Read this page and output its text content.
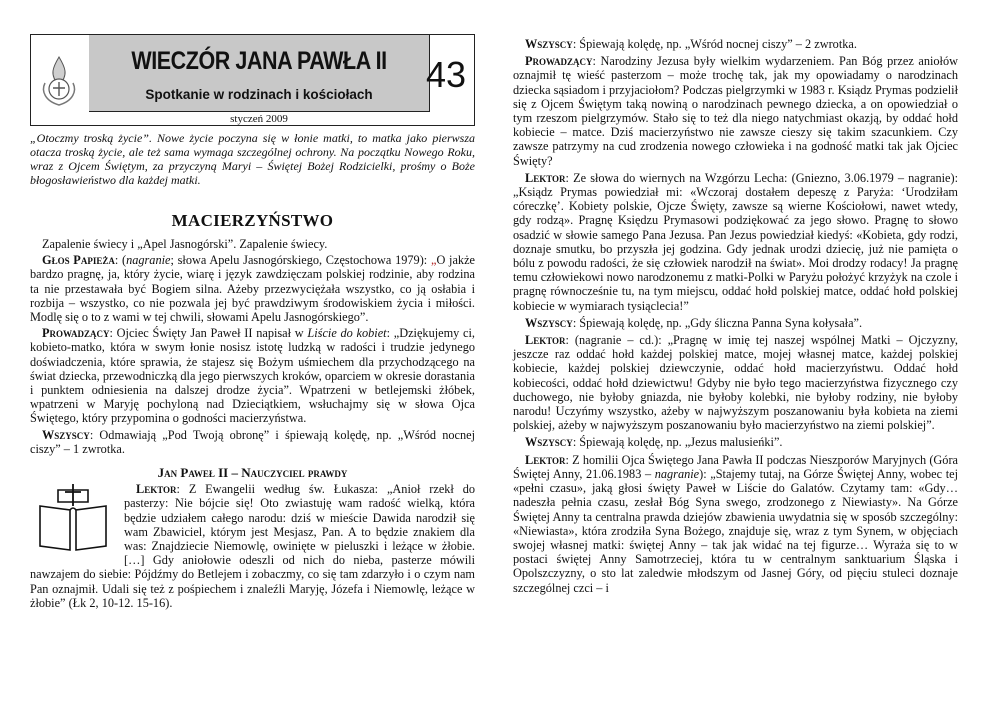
WIECZÓR JANA PAWŁA II
Spotkanie w rodzinach i kościołach	43
styczeń 2009

„Otoczmy troską życie”. Nowe życie poczyna się w łonie matki, to matka jako pierwsza otacza troską życie, ale też sama wymaga szczególnej ochrony. Na początku Nowego Roku, wraz z Ojcem Świętym, za przyczyną Maryi – Świętej Bożej Rodzicielki, prośmy o Boże błogosławieństwo dla każdej matki.

MACIERZYŃSTWO

Zapalenie świecy i „Apel Jasnogórski”. Zapalenie świecy.

Głos Papieża: (nagranie; słowa Apelu Jasnogórskiego, Częstochowa 1979): „O jakże bardzo pragnę, ja, który życie, wiarę i język zawdzięczam polskiej rodzinie, aby rodzina ta nie przestawała być Bogiem silna. Ażeby przezwyciężała wszystko, co ją osłabia i rozbija – wszystko, co nie pozwala jej być prawdziwym środowiskiem życia i miłości. Modlę się o to z wami w tej chwili, słowami Apelu Jasnogórskiego”.

Prowadzący: Ojciec Święty Jan Paweł II napisał w Liście do kobiet: „Dziękujemy ci, kobieto-matko, która w swym łonie nosisz istotę ludzką w radości i trudzie jedynego doświadczenia, które sprawia, że stajesz się Bożym uśmiechem dla przychodzącego na świat dziecka, przewodniczką dla jego pierwszych kroków, oparciem w okresie dorastania i punktem odniesienia na dalszej drodze życia”. Wpatrzeni w betlejemski żłóbek, wpatrzeni w Maryję pochyloną nad Dzieciątkiem, wsłuchajmy się w słowa Ojca Świętego, który przypomina o godności macierzyństwa.

Wszyscy: Odmawiają „Pod Twoją obronę” i śpiewają kolędę, np. „Wśród nocnej ciszy” – 1 zwrotka.

Jan Paweł II – Nauczyciel prawdy

Lektor: Z Ewangelii według św. Łukasza: „Anioł rzekł do pasterzy: Nie bójcie się! Oto zwiastuję wam radość wielką, która będzie udziałem całego narodu: dziś w mieście Dawida narodził się wam Zbawiciel, którym jest Mesjasz, Pan. A to będzie znakiem dla was: Znajdziecie Niemowlę, owinięte w pieluszki i leżące w żłobie. […] Gdy aniołowie odeszli od nich do nieba, pasterze mówili nawzajem do siebie: Pójdźmy do Betlejem i zobaczmy, co się tam zdarzyło i o czym nam Pan oznajmił. Udali się też z pośpiechem i znaleźli Maryję, Józefa i Niemowlę, leżące w żłobie” (Łk 2, 10-12. 15-16).

Wszyscy: Śpiewają kolędę, np. „Wśród nocnej ciszy” – 2 zwrotka.

Prowadzący: Narodziny Jezusa były wielkim wydarzeniem. Pan Bóg przez aniołów oznajmił tę wieść pasterzom – może trochę tak, jak my opowiadamy o narodzinach dziecka sąsiadom i przyjaciołom? Podczas pielgrzymki w 1983 r. Ksiądz Prymas podzielił się z Ojcem Świętym taką nowiną o narodzinach pewnego dziecka, a on opowiedział o tym rzeszom pielgrzymów. Stało się to też dla niego natychmiast okazją, by oddać hołd kobiecie – matce. Dziś macierzyństwo nie zawsze cieszy się takim szacunkiem. Czy zawsze patrzymy na cud zrodzenia nowego człowieka i na godność matki tak jak Ojciec Święty?

Lektor: Ze słowa do wiernych na Wzgórzu Lecha: (Gniezno, 3.06.1979 – nagranie): „Ksiądz Prymas powiedział mi: «Wczoraj dostałem depeszę z Paryża: ‘Urodziłam córeczkę’. Kobiety polskie, Ojcze Święty, zawsze są wierne Kościołowi, nawet wtedy, gdy rodzą». Pragnę Księdzu Prymasowi podziękować za jego słowo. Pragnę to słowo osadzić w słowie samego Pana Jezusa. Pan Jezus powiedział kiedyś: «Kobieta, gdy rodzi, doznaje smutku, bo przyszła jej godzina. Gdy jednak urodzi dziecię, już nie pamięta o bólu z powodu radości, że się człowiek narodził na świat». Moi drodzy rodacy! Ja pragnę temu człowiekowi nowo narodzonemu z matki-Polki w Paryżu położyć krzyżyk na czole i pragnę równocześnie tu, na tym miejscu, oddać hołd polskiej matce, oddać hołd polskiej kobiecie w wymiarach tysiąclecia!”

Wszyscy: Śpiewają kolędę, np. „Gdy śliczna Panna Syna kołysała”.

Lektor: (nagranie – cd.): „Pragnę w imię tej naszej wspólnej Matki – Ojczyzny, jeszcze raz oddać hołd każdej polskiej matce, mojej własnej matce, każdej polskiej kobiecie, każdej polskiej dziewczynie, oddać hołd macierzyństwu. Oddać hołd kobiecości, oddać hołd dziewictwu! Gdyby nie było tego macierzyństwa fizycznego czy duchowego, nie byłoby gniazda, nie byłoby kolebki, nie byłoby rodziny, nie byłoby narodu! Uczyńmy wszystko, ażeby w najwyższym poszanowaniu była kobieta na ziemi polskiej, ażeby w najwyższym poszanowaniu było macierzyństwo na ziemi polskiej”.

Wszyscy: Śpiewają kolędę, np. „Jezus malusieńki”.

Lektor: Z homilii Ojca Świętego Jana Pawła II podczas Nieszporów Maryjnych (Góra Świętej Anny, 21.06.1983 – nagranie): „Stajemy tutaj, na Górze Świętej Anny, wobec tej «pełni czasu», jaką głosi święty Paweł w Liście do Galatów. Czytamy tam: «Gdy… nadeszła pełnia czasu, zesłał Bóg Syna swego, zrodzonego z Niewiasty». Na Górze Świętej Anny ta centralna prawda dziejów zbawienia uwydatnia się w sposób szczególny: «Niewiasta», która zrodziła Syna Bożego, znajduje się, wraz z tym Synem, w objęciach swojej własnej matki: świętej Anny – tak jak widać na tej figurze… Wyraża się to w postaci świętej Anny Samotrzeciej, która tu w centralnym sanktuarium Śląska i Opolszczyzny, o sto lat zaledwie młodszym od Jasnej Góry, od pięciu stuleci doznaje szczególnej czci – i
